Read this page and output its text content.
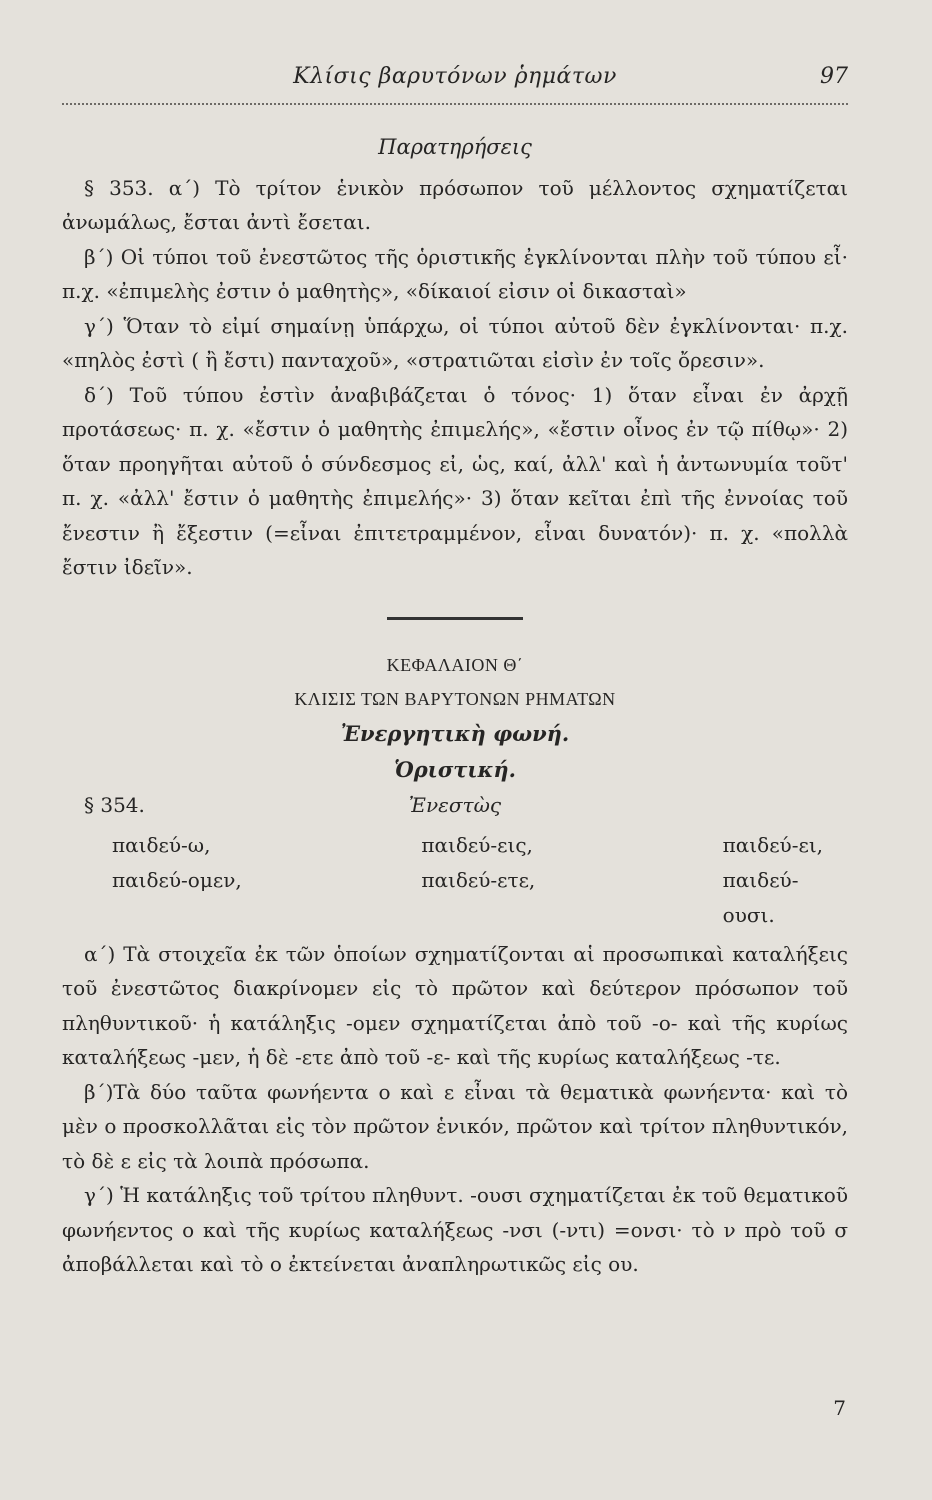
Κλίσις βαρυτόνων ῥημάτων	97
Παρατηρήσεις

§ 353. α΄) Τὸ τρίτον ἑνικὸν πρόσωπον τοῦ μέλλοντος σχηματίζεται ἀνωμάλως, ἔσται ἀντὶ ἔσεται.

β΄) Οἱ τύποι τοῦ ἐνεστῶτος τῆς ὁριστικῆς ἐγκλίνονται πλὴν τοῦ τύπου εἶ· π.χ. «ἐπιμελὴς ἐστιν ὁ μαθητὴς», «δίκαιοί εἰσιν οἱ δικασταὶ»

γ΄) Ὅταν τὸ εἰμί σημαίνῃ ὑπάρχω, οἱ τύποι αὐτοῦ δὲν ἐγκλίνονται· π.χ. «πηλὸς ἐστὶ ( ἢ ἔστι) πανταχοῦ», «στρατιῶται εἰσὶν ἐν τοῖς ὄρεσιν».

δ΄) Τοῦ τύπου ἐστὶν ἀναβιβάζεται ὁ τόνος· 1) ὅταν εἶναι ἐν ἀρχῇ προτάσεως· π. χ. «ἔστιν ὁ μαθητὴς ἐπιμελής», «ἔστιν οἶνος ἐν τῷ πίθῳ»· 2) ὅταν προηγῆται αὐτοῦ ὁ σύνδεσμος εἰ, ὡς, καί, ἀλλ' καὶ ἡ ἀντωνυμία τοῦτ' π. χ. «ἀλλ' ἔστιν ὁ μαθητὴς ἐπιμελής»· 3) ὅταν κεῖται ἐπὶ τῆς ἐννοίας τοῦ ἔνεστιν ἢ ἔξεστιν (=εἶναι ἐπιτετραμμένον, εἶναι δυνατόν)· π. χ. «πολλὰ ἔστιν ἰδεῖν».

ΚΕΦΑΛΑΙΟΝ Θ΄
ΚΛΙΣΙΣ ΤΩΝ ΒΑΡΥΤΟΝΩΝ ΡΗΜΑΤΩΝ
Ἐνεργητικὴ φωνή.
Ὁριστική.
§ 354.	Ἐνεστὼς
παιδεύ-ω,	παιδεύ-εις,	παιδεύ-ει,
παιδεύ-ομεν,	παιδεύ-ετε,	παιδεύ-ουσι.

α΄) Τὰ στοιχεῖα ἐκ τῶν ὁποίων σχηματίζονται αἱ προσωπικαὶ καταλήξεις τοῦ ἐνεστῶτος διακρίνομεν εἰς τὸ πρῶτον καὶ δεύτερον πρόσωπον τοῦ πληθυντικοῦ· ἡ κατάληξις -ομεν σχηματίζεται ἀπὸ τοῦ -ο- καὶ τῆς κυρίως καταλήξεως -μεν, ἡ δὲ -ετε ἀπὸ τοῦ -ε- καὶ τῆς κυρίως καταλήξεως -τε.

β΄)Τὰ δύο ταῦτα φωνήεντα ο καὶ ε εἶναι τὰ θεματικὰ φωνήεντα· καὶ τὸ μὲν ο προσκολλᾶται εἰς τὸν πρῶτον ἑνικόν, πρῶτον καὶ τρίτον πληθυντικόν, τὸ δὲ ε εἰς τὰ λοιπὰ πρόσωπα.

γ΄) Ἡ κατάληξις τοῦ τρίτου πληθυντ. -ουσι σχηματίζεται ἐκ τοῦ θεματικοῦ φωνήεντος ο καὶ τῆς κυρίως καταλήξεως -νσι (-ντι) =ονσι· τὸ ν πρὸ τοῦ σ ἀποβάλλεται καὶ τὸ ο ἐκτείνεται ἀναπληρωτικῶς εἰς ου.

7
